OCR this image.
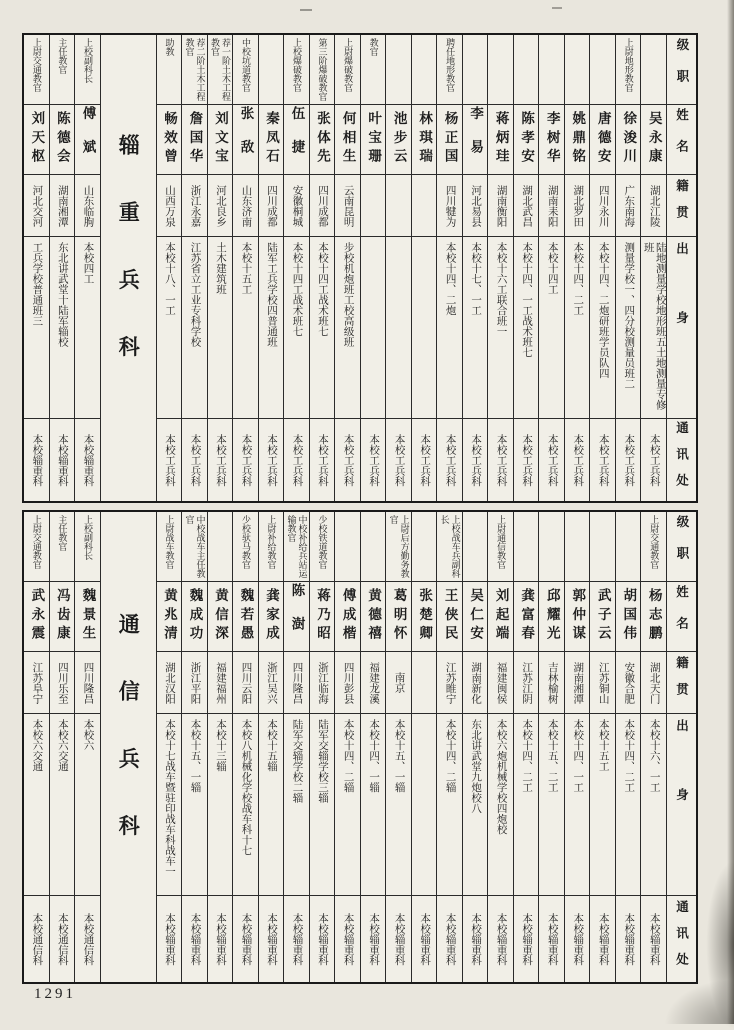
级职
姓名
籍贯
出身
通讯处
吴永康
湖北江陵
陆地测量学校地形班五土地测量专修班
本校工兵科
上尉地形教官
徐浚川
广东南海
测量学校一、四分校测量员班二
本校工兵科
唐德安
四川永川
本校十四、二炮研班学员队四
本校工兵科
姚鼎铭
湖北罗田
本校十四、二工
本校工兵科
李树华
湖南耒阳
本校十四工
本校工兵科
陈孝安
湖北武昌
本校十四、一工战术班七
本校工兵科
蒋炳珪
湖南衡阳
本校十六工联合班一
本校工兵科
李易
河北易县
本校十七、一工
本校工兵科
聘任地形教官
杨正国
四川犍为
本校十四、二炮
本校工兵科
林琪瑞
本校工兵科
池步云
本校工兵科
教官
叶宝珊
本校工兵科
上尉爆破教官
何相生
云南昆明
步校机炮班工校高级班
本校工兵科
第三阶爆破教官
张体先
四川成都
本校十四工战术班七
本校工兵科
上校爆破教官
伍捷
安徽桐城
本校十四工战术班七
本校工兵科
秦凤石
四川成都
陆军工兵学校四普通班
本校工兵科
中校坑道教官
张敌
山东济南
本校十五工
本校工兵科
荐一阶土木工程教官
刘文宝
河北良乡
土木建筑班
本校工兵科
荐二阶土木工程教官
詹国华
浙江永嘉
江苏省立工业专科学校
本校工兵科
助教
畅效曾
山西万泉
本校十八、一工
本校工兵科
辎重兵科
上校副科长
傅斌
山东临朐
本校四工
本校辎重科
主任教官
陈德会
湖南湘潭
东北讲武堂十陆军辎校
本校辎重科
上尉交通教官
刘天枢
河北交河
工兵学校普通班三
本校辎重科
级职
姓名
籍贯
出身
通讯处
上尉交通教官
杨志鹏
湖北天门
本校十六、一工
本校辎重科
胡国伟
安徽合肥
本校十四、二工
本校辎重科
武子云
江苏铜山
本校十五工
本校辎重科
郭仲谋
湖南湘潭
本校十四、一工
本校辎重科
邱耀光
吉林榆树
本校十五、二工
本校辎重科
龚富春
江苏江阴
本校十四、二工
本校辎重科
上尉通信教官
刘起端
福建闽侯
本校六炮机械学校四炮校
本校辎重科
吴仁安
湖南新化
东北讲武堂九炮校八
本校辎重科
上校战车兵副科长
王侠民
江苏睢宁
本校十四、二辎
本校辎重科
张楚卿
本校辎重科
上尉后方勤务教官
葛明怀
南京
本校十五、一辎
本校辎重科
黄德禧
福建龙溪
本校十四、一辎
本校辎重科
傅成楷
四川彭县
本校十四、二辎
本校辎重科
少校铁道教官
蒋乃昭
浙江临海
陆军交辎学校三辎
本校辎重科
中校补给兵站运输教官
陈澍
四川隆昌
陆军交辎学校二辎
本校辎重科
上尉补给教官
龚家成
浙江吴兴
本校十五辎
本校辎重科
少校驮马教官
魏若愚
四川云阳
本校八机械化学校战车科十七
本校辎重科
黄信深
福建福州
本校十三辎
本校辎重科
中校战车主任教官
魏成功
浙江平阳
本校十五、一辎
本校辎重科
上尉战车教官
黄兆清
湖北汉阳
本校十七战车暨驻印战车科战车一
本校辎重科
通信兵科
上校副科长
魏景生
四川隆昌
本校六
本校通信科
主任教官
冯齿康
四川乐至
本校六交通
本校通信科
上尉交通教官
武永震
江苏阜宁
本校六交通
本校通信科
1291
